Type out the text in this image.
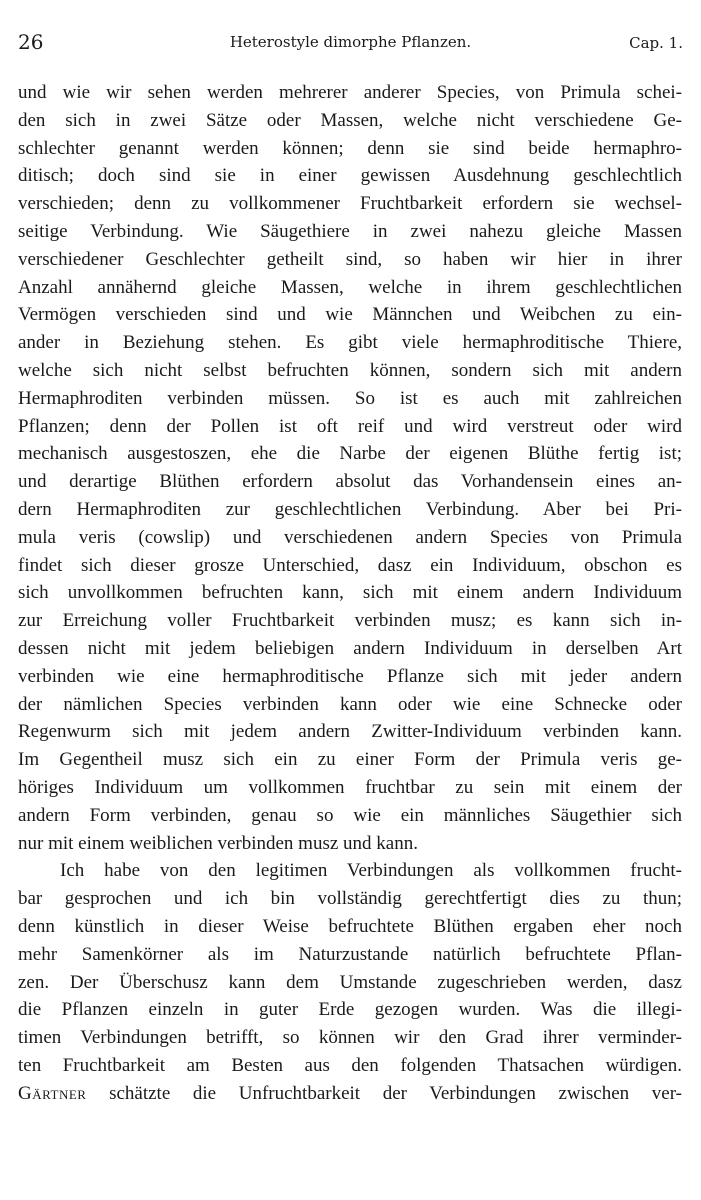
26	Heterostyle dimorphe Pflanzen.	Cap. 1.
und wie wir sehen werden mehrerer anderer Species, von Primula schei-
den sich in zwei Sätze oder Massen, welche nicht verschiedene Ge-
schlechter genannt werden können; denn sie sind beide hermaphro-
ditisch; doch sind sie in einer gewissen Ausdehnung geschlechtlich
verschieden; denn zu vollkommener Fruchtbarkeit erfordern sie wechsel-
seitige Verbindung. Wie Säugethiere in zwei nahezu gleiche Massen
verschiedener Geschlechter getheilt sind, so haben wir hier in ihrer
Anzahl annähernd gleiche Massen, welche in ihrem geschlechtlichen
Vermögen verschieden sind und wie Männchen und Weibchen zu ein-
ander in Beziehung stehen. Es gibt viele hermaphroditische Thiere,
welche sich nicht selbst befruchten können, sondern sich mit andern
Hermaphroditen verbinden müssen. So ist es auch mit zahlreichen
Pflanzen; denn der Pollen ist oft reif und wird verstreut oder wird
mechanisch ausgestoszen, ehe die Narbe der eigenen Blüthe fertig ist;
und derartige Blüthen erfordern absolut das Vorhandensein eines an-
dern Hermaphroditen zur geschlechtlichen Verbindung. Aber bei Pri-
mula veris (cowslip) und verschiedenen andern Species von Primula
findet sich dieser grosze Unterschied, dasz ein Individuum, obschon es
sich unvollkommen befruchten kann, sich mit einem andern Individuum
zur Erreichung voller Fruchtbarkeit verbinden musz; es kann sich in-
dessen nicht mit jedem beliebigen andern Individuum in derselben Art
verbinden wie eine hermaphroditische Pflanze sich mit jeder andern
der nämlichen Species verbinden kann oder wie eine Schnecke oder
Regenwurm sich mit jedem andern Zwitter-Individuum verbinden kann.
Im Gegentheil musz sich ein zu einer Form der Primula veris ge-
höriges Individuum um vollkommen fruchtbar zu sein mit einem der
andern Form verbinden, genau so wie ein männliches Säugethier sich
nur mit einem weiblichen verbinden musz und kann.
Ich habe von den legitimen Verbindungen als vollkommen frucht-
bar gesprochen und ich bin vollständig gerechtfertigt dies zu thun;
denn künstlich in dieser Weise befruchtete Blüthen ergaben eher noch
mehr Samenkörner als im Naturzustande natürlich befruchtete Pflan-
zen. Der Überschusz kann dem Umstande zugeschrieben werden, dasz
die Pflanzen einzeln in guter Erde gezogen wurden. Was die illegi-
timen Verbindungen betrifft, so können wir den Grad ihrer verminder-
ten Fruchtbarkeit am Besten aus den folgenden Thatsachen würdigen.
Gärtner schätzte die Unfruchtbarkeit der Verbindungen zwischen ver-
